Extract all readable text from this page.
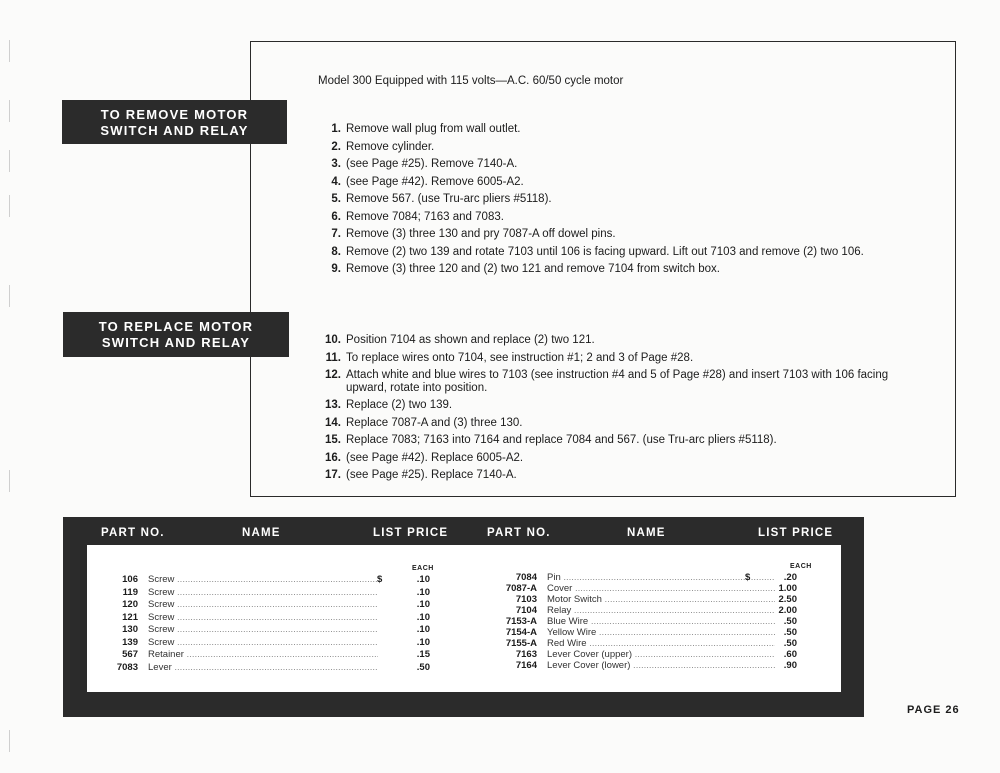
Model 300 Equipped with 115 volts—A.C. 60/50 cycle motor
TO REMOVE MOTOR
SWITCH AND RELAY
TO REPLACE MOTOR
SWITCH AND RELAY
1. Remove wall plug from wall outlet.
2. Remove cylinder.
3. (see Page #25). Remove 7140-A.
4. (see Page #42). Remove 6005-A2.
5. Remove 567. (use Tru-arc pliers #5118).
6. Remove 7084; 7163 and 7083.
7. Remove (3) three 130 and pry 7087-A off dowel pins.
8. Remove (2) two 139 and rotate 7103 until 106 is facing upward. Lift out 7103 and remove (2) two 106.
9. Remove (3) three 120 and (2) two 121 and remove 7104 from switch box.
10. Position 7104 as shown and replace (2) two 121.
11. To replace wires onto 7104, see instruction #1; 2 and 3 of Page #28.
12. Attach white and blue wires to 7103 (see instruction #4 and 5 of Page #28) and insert 7103 with 106 facing upward, rotate into position.
13. Replace (2) two 139.
14. Replace 7087-A and (3) three 130.
15. Replace 7083; 7163 into 7164 and replace 7084 and 567. (use Tru-arc pliers #5118).
16. (see Page #42). Replace 6005-A2.
17. (see Page #25). Replace 7140-A.
PART NO.	NAME	LIST PRICE	PART NO.	NAME	LIST PRICE
EACH	EACH
106 Screw .....	$	.10
119 Screw .....	.10
120 Screw .....	.10
121 Screw .....	.10
130 Screw .....	.10
139 Screw .....	.10
567 Retainer .....	.15
7083 Lever .....	.50
7084 Pin .....	$	.20
7087-A Cover .....	1.00
7103 Motor Switch .....	2.50
7104 Relay .....	2.00
7153-A Blue Wire .....	.50
7154-A Yellow Wire .....	.50
7155-A Red Wire .....	.50
7163 Lever Cover (upper) .....	.60
7164 Lever Cover (lower) .....	.90
PAGE 26
